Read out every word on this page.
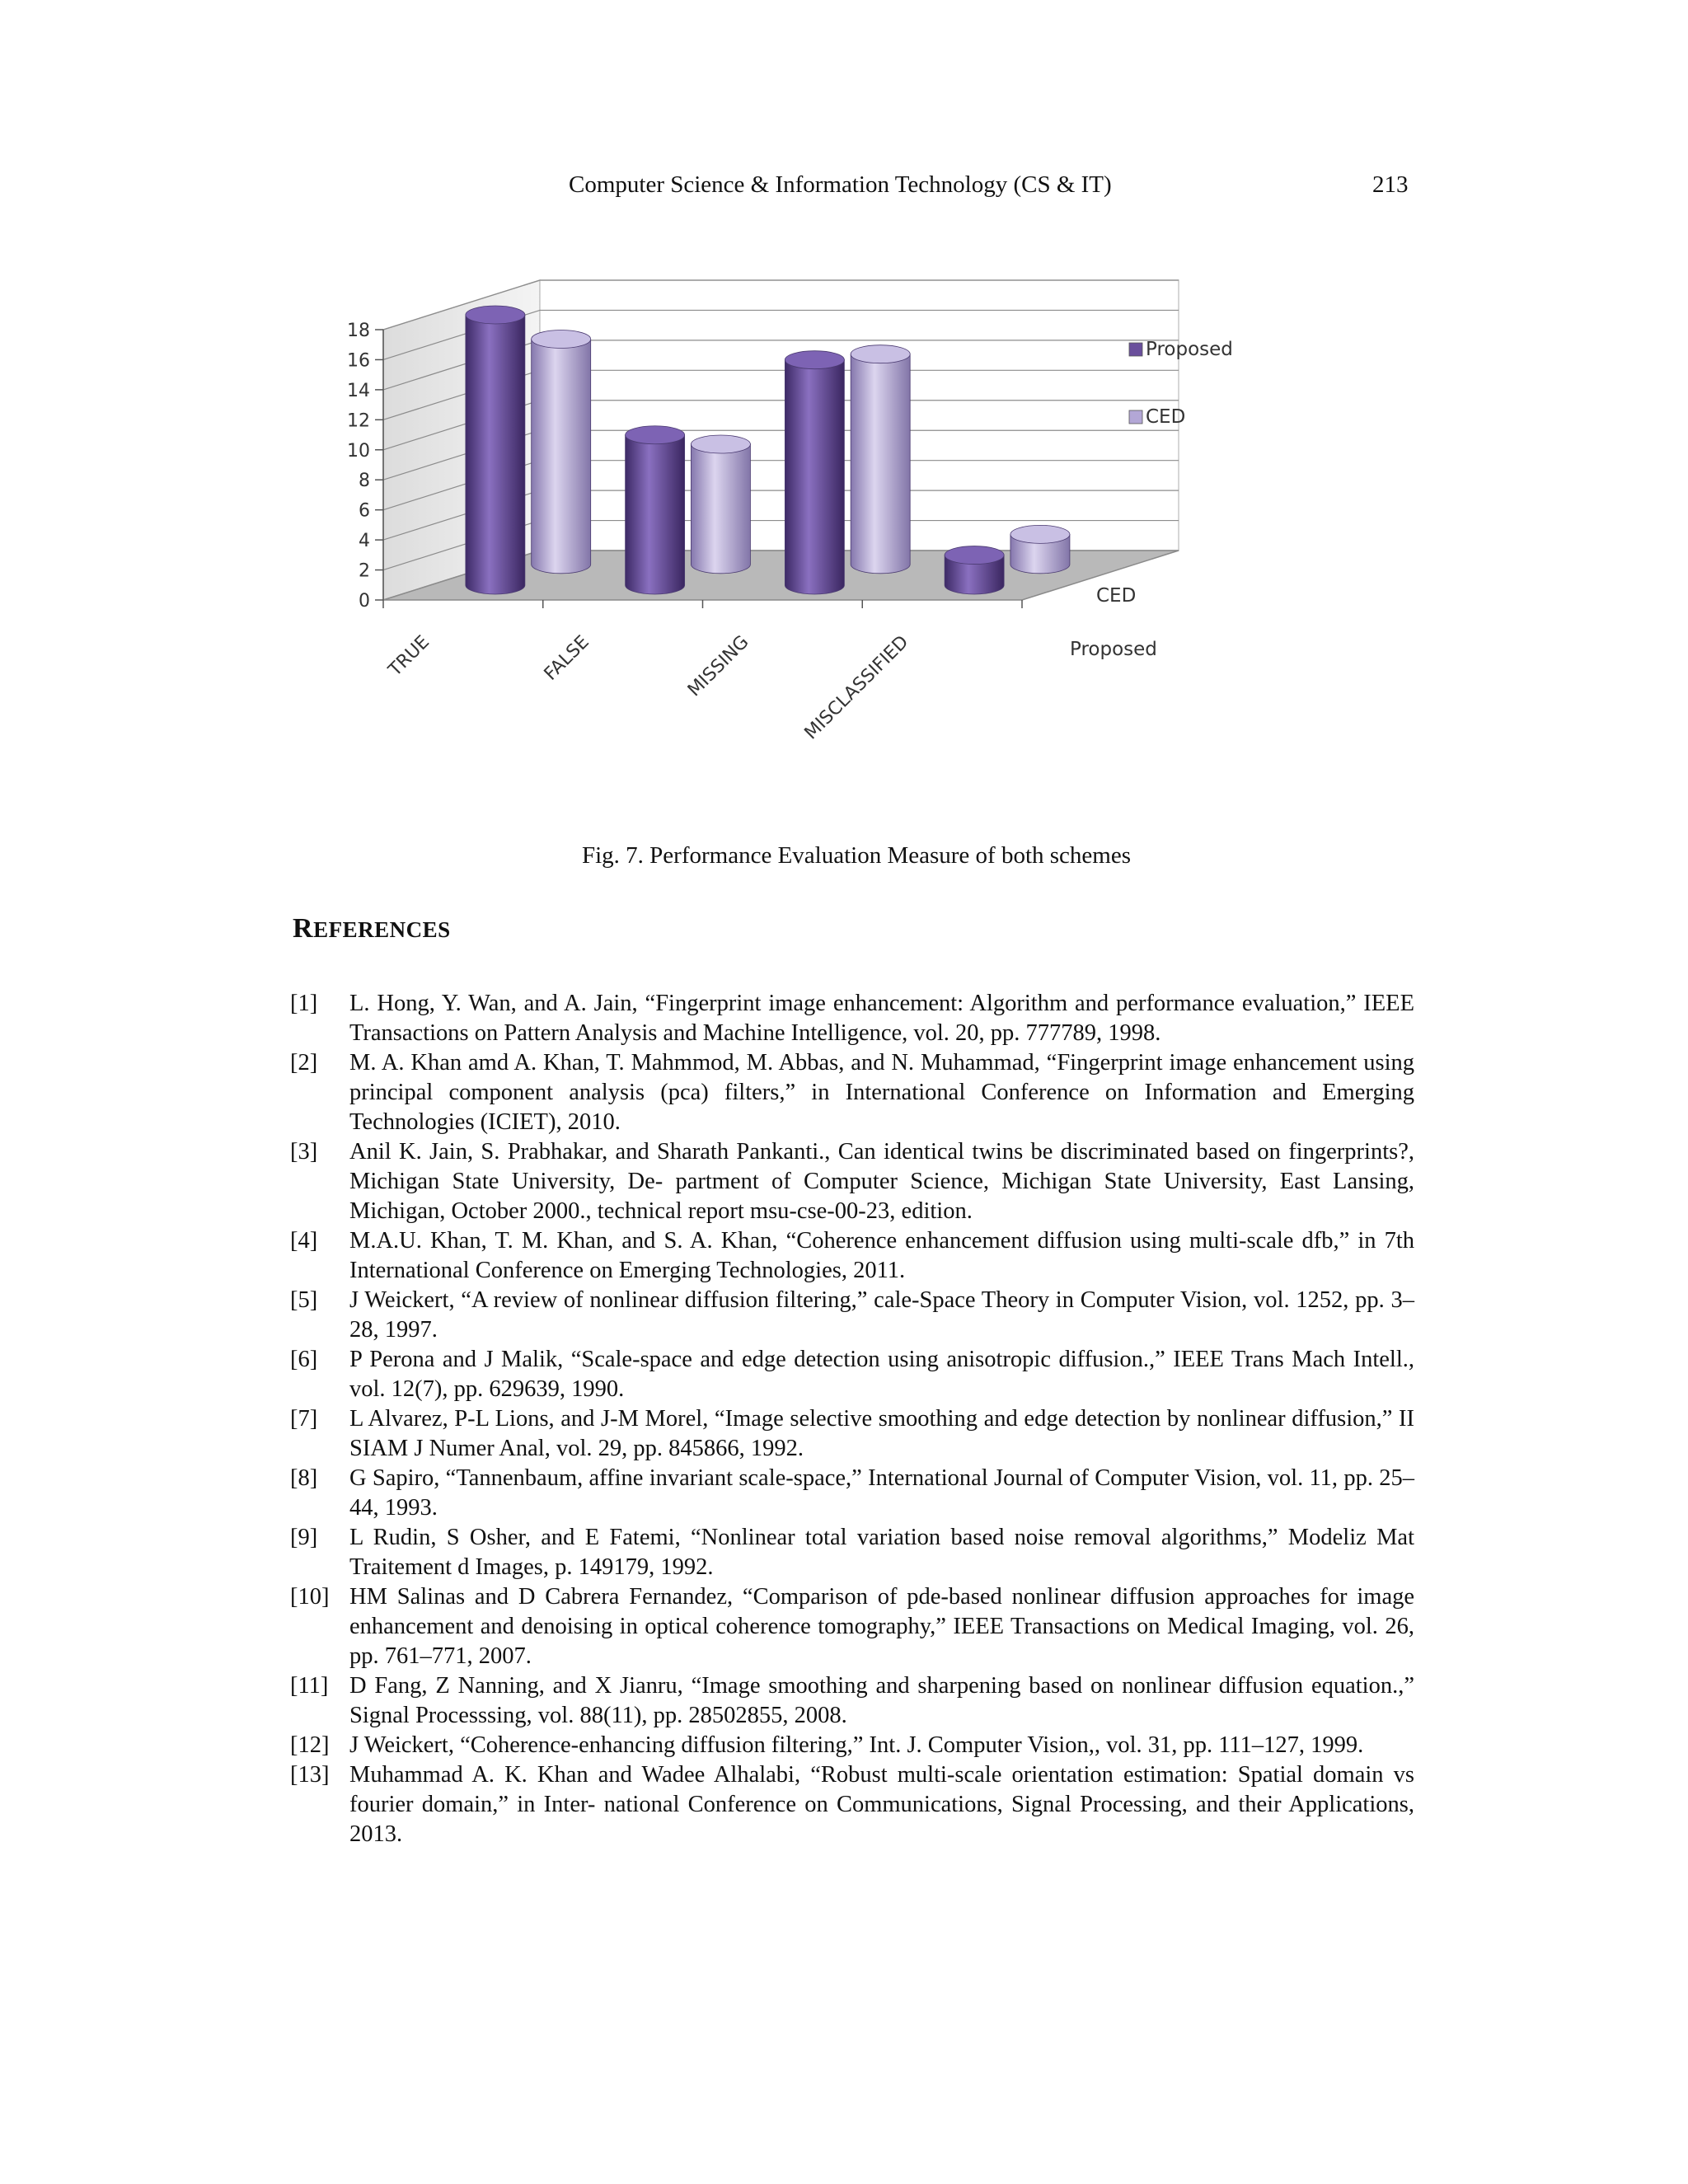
Computer Science & Information Technology (CS & IT)	213
0
2
4
6
8
10
12
14
16
18
TRUE	FALSE	MISSING	MISCLASSIFIED
CED
Proposed
Proposed
CED
Fig. 7. Performance Evaluation Measure of both schemes
REFERENCES
[1] L. Hong, Y. Wan, and A. Jain, “Fingerprint image enhancement: Algorithm and performance evaluation,” IEEE Transactions on Pattern Analysis and Machine Intelligence, vol. 20, pp. 777789, 1998.
[2] M. A. Khan amd A. Khan, T. Mahmmod, M. Abbas, and N. Muhammad, “Fingerprint image enhancement using principal component analysis (pca) filters,” in International Conference on Information and Emerging Technologies (ICIET), 2010.
[3] Anil K. Jain, S. Prabhakar, and Sharath Pankanti., Can identical twins be discriminated based on fingerprints?, Michigan State University, De- partment of Computer Science, Michigan State University, East Lansing, Michigan, October 2000., technical report msu-cse-00-23, edition.
[4] M.A.U. Khan, T. M. Khan, and S. A. Khan, “Coherence enhancement diffusion using multi-scale dfb,” in 7th International Conference on Emerging Technologies, 2011.
[5] J Weickert, “A review of nonlinear diffusion filtering,” cale-Space Theory in Computer Vision, vol. 1252, pp. 3–28, 1997.
[6] P Perona and J Malik, “Scale-space and edge detection using anisotropic diffusion.,” IEEE Trans Mach Intell., vol. 12(7), pp. 629639, 1990.
[7] L Alvarez, P-L Lions, and J-M Morel, “Image selective smoothing and edge detection by nonlinear diffusion,” II SIAM J Numer Anal, vol. 29, pp. 845866, 1992.
[8] G Sapiro, “Tannenbaum, affine invariant scale-space,” International Journal of Computer Vision, vol. 11, pp. 25–44, 1993.
[9] L Rudin, S Osher, and E Fatemi, “Nonlinear total variation based noise removal algorithms,” Modeliz Mat Traitement d Images, p. 149179, 1992.
[10] HM Salinas and D Cabrera Fernandez, “Comparison of pde-based nonlinear diffusion approaches for image enhancement and denoising in optical coherence tomography,” IEEE Transactions on Medical Imaging, vol. 26, pp. 761–771, 2007.
[11] D Fang, Z Nanning, and X Jianru, “Image smoothing and sharpening based on nonlinear diffusion equation.,” Signal Processsing, vol. 88(11), pp. 28502855, 2008.
[12] J Weickert, “Coherence-enhancing diffusion filtering,” Int. J. Computer Vision,, vol. 31, pp. 111–127, 1999.
[13] Muhammad A. K. Khan and Wadee Alhalabi, “Robust multi-scale orientation estimation: Spatial domain vs fourier domain,” in Inter- national Conference on Communications, Signal Processing, and their Applications, 2013.
